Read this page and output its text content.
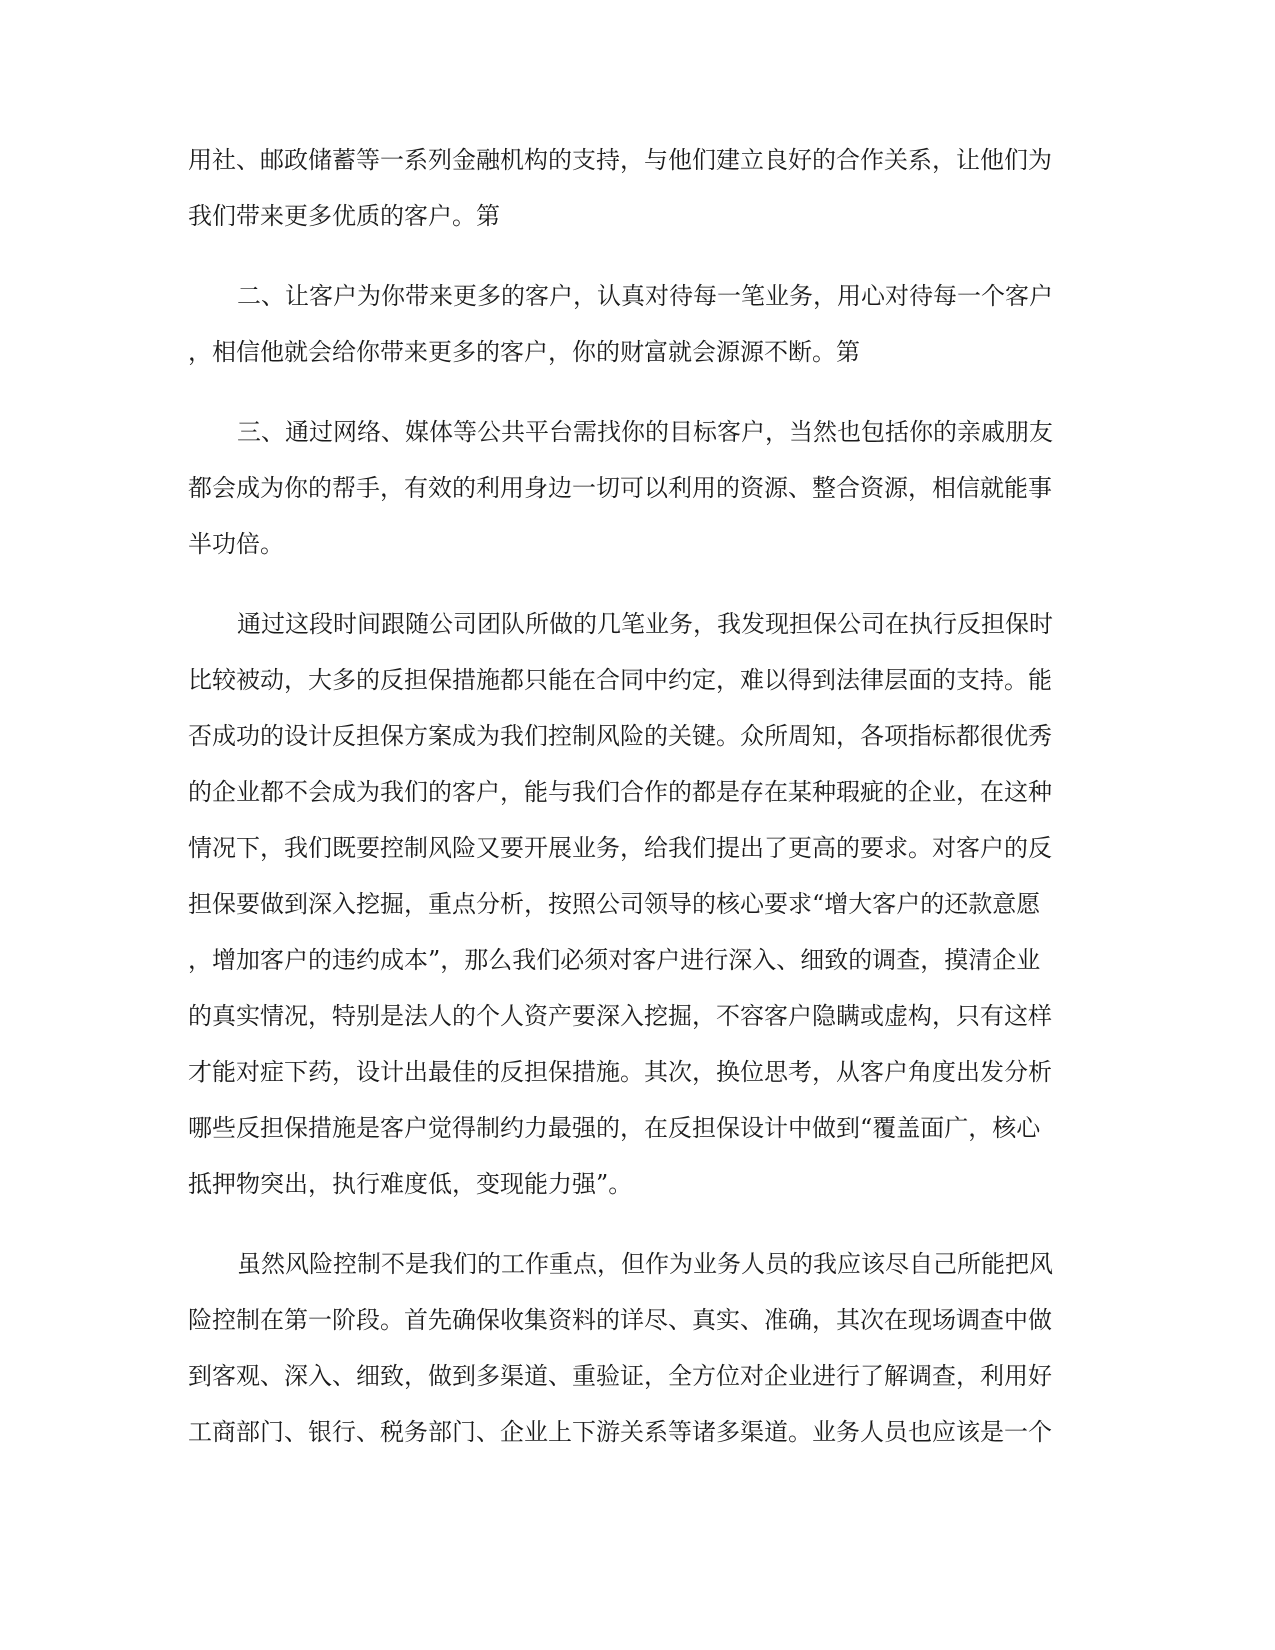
用社、邮政储蓄等一系列金融机构的支持，与他们建立良好的合作关系，让他们为
我们带来更多优质的客户。第
二、让客户为你带来更多的客户，认真对待每一笔业务，用心对待每一个客户
，相信他就会给你带来更多的客户，你的财富就会源源不断。第
三、通过网络、媒体等公共平台需找你的目标客户，当然也包括你的亲戚朋友
都会成为你的帮手，有效的利用身边一切可以利用的资源、整合资源，相信就能事
半功倍。
通过这段时间跟随公司团队所做的几笔业务，我发现担保公司在执行反担保时
比较被动，大多的反担保措施都只能在合同中约定，难以得到法律层面的支持。能
否成功的设计反担保方案成为我们控制风险的关键。众所周知，各项指标都很优秀
的企业都不会成为我们的客户，能与我们合作的都是存在某种瑕疵的企业，在这种
情况下，我们既要控制风险又要开展业务，给我们提出了更高的要求。对客户的反
担保要做到深入挖掘，重点分析，按照公司领导的核心要求“增大客户的还款意愿
，增加客户的违约成本”，那么我们必须对客户进行深入、细致的调查，摸清企业
的真实情况，特别是法人的个人资产要深入挖掘，不容客户隐瞒或虚构，只有这样
才能对症下药，设计出最佳的反担保措施。其次，换位思考，从客户角度出发分析
哪些反担保措施是客户觉得制约力最强的，在反担保设计中做到“覆盖面广，核心
抵押物突出，执行难度低，变现能力强”。
虽然风险控制不是我们的工作重点，但作为业务人员的我应该尽自己所能把风
险控制在第一阶段。首先确保收集资料的详尽、真实、准确，其次在现场调查中做
到客观、深入、细致，做到多渠道、重验证，全方位对企业进行了解调查，利用好
工商部门、银行、税务部门、企业上下游关系等诸多渠道。业务人员也应该是一个
